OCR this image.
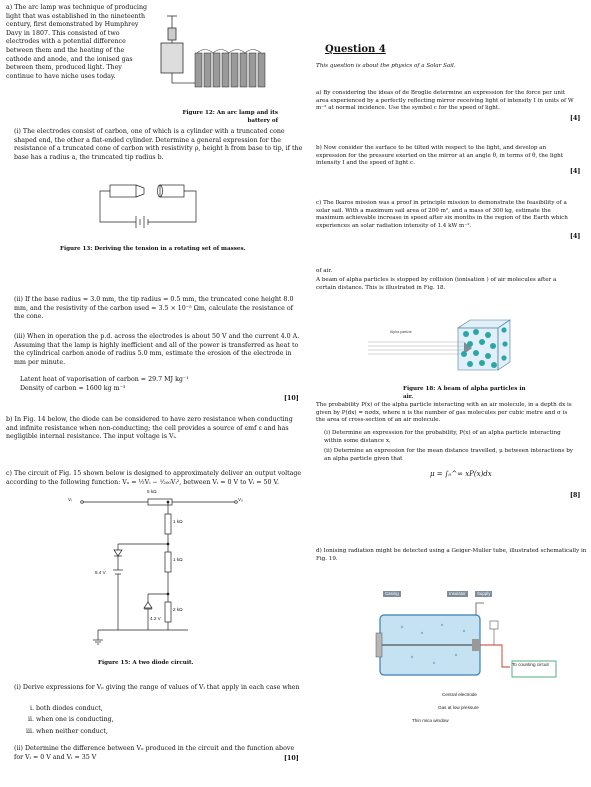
a) The arc lamp was technique of producing light that was established in the nineteenth century, first demonstrated by Humphrey Davy in 1807. This consisted of two electrodes with a potential difference between them and the heating of the cathode and anode, and the ionised gas between them, produced light. They continue to have niche uses today.
Figure 12: An arc lamp and its battery of
(i) The electrodes consist of carbon, one of which is a cylinder with a truncated cone shaped end, the other a flat-ended cylinder. Determine a general expression for the resistance of a truncated cone of carbon with resistivity ρ, height h from base to tip, if the base has a radius a, the truncated tip radius b.
Figure 13: Deriving the tension in a rotating set of masses.
(ii) If the base radius = 3.0 mm, the tip radius = 0.5 mm, the truncated cone height 8.0 mm, and the resistivity of the carbon used = 3.5 × 10⁻⁵ Ωm, calculate the resistance of the cone.
(iii) When in operation the p.d. across the electrodes is about 50 V and the current 4.0 A. Assuming that the lamp is highly inefficient and all of the power is transferred as heat to the cylindrical carbon anode of radius 5.0 mm, estimate the erosion of the electrode in mm per minute.
Latent heat of vaporisation of carbon = 29.7 MJ kg⁻¹
Density of carbon = 1600 kg m⁻³
[10]
b) In Fig. 14 below, the diode can be considered to have zero resistance when conducting and infinite resistance when non-conducting; the cell provides a source of emf ε and has negligible internal resistance. The input voltage is Vᵢ.
c) The circuit of Fig. 15 shown below is designed to approximately deliver an output voltage according to the following function: Vₒ = ½Vᵢ − ¹⁄₂₀₀Vᵢ², between Vᵢ = 0 V to Vᵢ = 50 V.
Vᵢ	Vₒ
5 kΩ
1 kΩ
1 kΩ
2 kΩ
8.4 V
4.2 V
Figure 15: A two diode circuit.
(i) Derive expressions for Vₒ giving the range of values of Vᵢ that apply in each case when
i. both diodes conduct,
ii. when one is conducting,
iii. when neither conduct,
(ii) Determine the difference between Vₒ produced in the circuit and the function above for Vᵢ = 0 V and Vᵢ = 35 V	[10]
Question 4
This question is about the physics of a Solar Sail.
a) By considering the ideas of de Broglie determine an expression for the force per unit area experienced by a perfectly reflecting mirror receiving light of intensity I in units of W m⁻² at normal incidence. Use the symbol c for the speed of light.
[4]
b) Now consider the surface to be tilted with respect to the light, and develop an expression for the pressure exerted on the mirror at an angle θ, in terms of θ, the light intensity I and the speed of light c.
[4]
c) The Ikaros mission was a proof in principle mission to demonstrate the feasibility of a solar sail. With a maximum sail area of 200 m², and a mass of 300 kg, estimate the maximum achievable increase in speed after six months in the region of the Earth which experiences an solar radiation intensity of 1.4 kW m⁻².
[4]
of air.
A beam of alpha particles is stopped by collision (ionisation ) of air molecules after a certain distance. This is illustrated in Fig. 18.
Alpha particle
Figure 18: A beam of alpha particles in air.
The probability P(x) of the alpha particle interacting with an air molecule, in a depth dx is given by P(dx) = nσdx, where n is the number of gas molecules per cubic metre and σ is the area of cross-section of an air molecule.
(i) Determine an expression for the probability, P(x) of an alpha particle interacting within some distance x.
(ii) Determine an expression for the mean distance travelled, μ between interactions by an alpha particle given that
μ = ∫₀^∞ xP(x)dx
[8]
d) Ionising radiation might be detected using a Geiger-Muller tube, illustrated schematically in Fig. 19.
Casing	Insulator	Supply
To counting circuit
Central electrode
Gas at low pressure
Thin mica window
